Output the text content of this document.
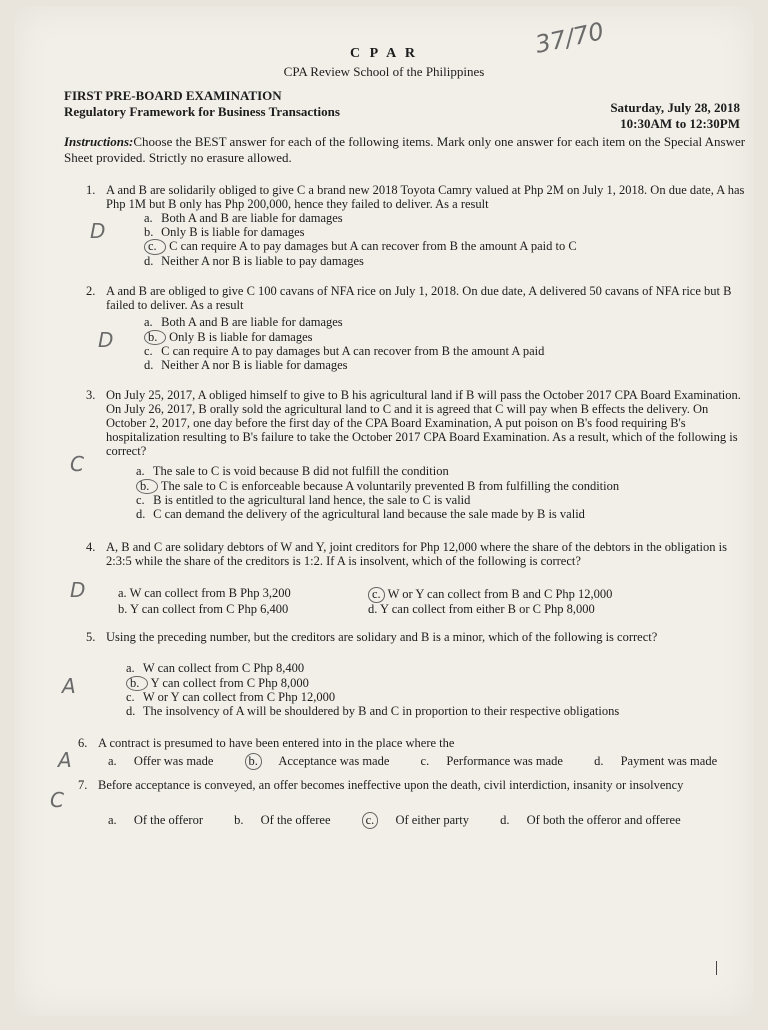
37/70
C P A R
CPA Review School of the Philippines
FIRST PRE-BOARD EXAMINATION
Regulatory Framework for Business Transactions	Saturday, July 28, 2018
10:30AM to 12:30PM
Instructions:Choose the BEST answer for each of the following items. Mark only one answer for each item on the Special Answer Sheet provided. Strictly no erasure allowed.
D
1. A and B are solidarily obliged to give C a brand new 2018 Toyota Camry valued at Php 2M on July 1, 2018. On due date, A has Php 1M but B only has Php 200,000, hence they failed to deliver. As a result
a. Both A and B are liable for damages
b. Only B is liable for damages
c. C can require A to pay damages but A can recover from B the amount A paid to C
d. Neither A nor B is liable to pay damages
D
2. A and B are obliged to give C 100 cavans of NFA rice on July 1, 2018. On due date, A delivered 50 cavans of NFA rice but B failed to deliver. As a result
a. Both A and B are liable for damages
b. Only B is liable for damages
c. C can require A to pay damages but A can recover from B the amount A paid
d. Neither A nor B is liable for damages
C
3. On July 25, 2017, A obliged himself to give to B his agricultural land if B will pass the October 2017 CPA Board Examination. On July 26, 2017, B orally sold the agricultural land to C and it is agreed that C will pay when B effects the delivery. On October 2, 2017, one day before the first day of the CPA Board Examination, A put poison on B's food requiring B's hospitalization resulting to B's failure to take the October 2017 CPA Board Examination. As a result, which of the following is correct?
a. The sale to C is void because B did not fulfill the condition
b. The sale to C is enforceable because A voluntarily prevented B from fulfilling the condition
c. B is entitled to the agricultural land hence, the sale to C is valid
d. C can demand the delivery of the agricultural land because the sale made by B is valid
D
4. A, B and C are solidary debtors of W and Y, joint creditors for Php 12,000 where the share of the debtors in the obligation is 2:3:5 while the share of the creditors is 1:2. If A is insolvent, which of the following is correct?
a. W can collect from B Php 3,200	c. W or Y can collect from B and C Php 12,000
b. Y can collect from C Php 6,400	d. Y can collect from either B or C Php 8,000
A
5. Using the preceding number, but the creditors are solidary and B is a minor, which of the following is correct?
a. W can collect from C Php 8,400
b. Y can collect from C Php 8,000
c. W or Y can collect from C Php 12,000
d. The insolvency of A will be shouldered by B and C in proportion to their respective obligations
A
6. A contract is presumed to have been entered into in the place where the
a. Offer was made	b. Acceptance was made c. Performance was made d. Payment was made
C
7. Before acceptance is conveyed, an offer becomes ineffective upon the death, civil interdiction, insanity or insolvency
a. Of the offeror b. Of the offeree	c. Of either party d. Of both the offeror and offeree
